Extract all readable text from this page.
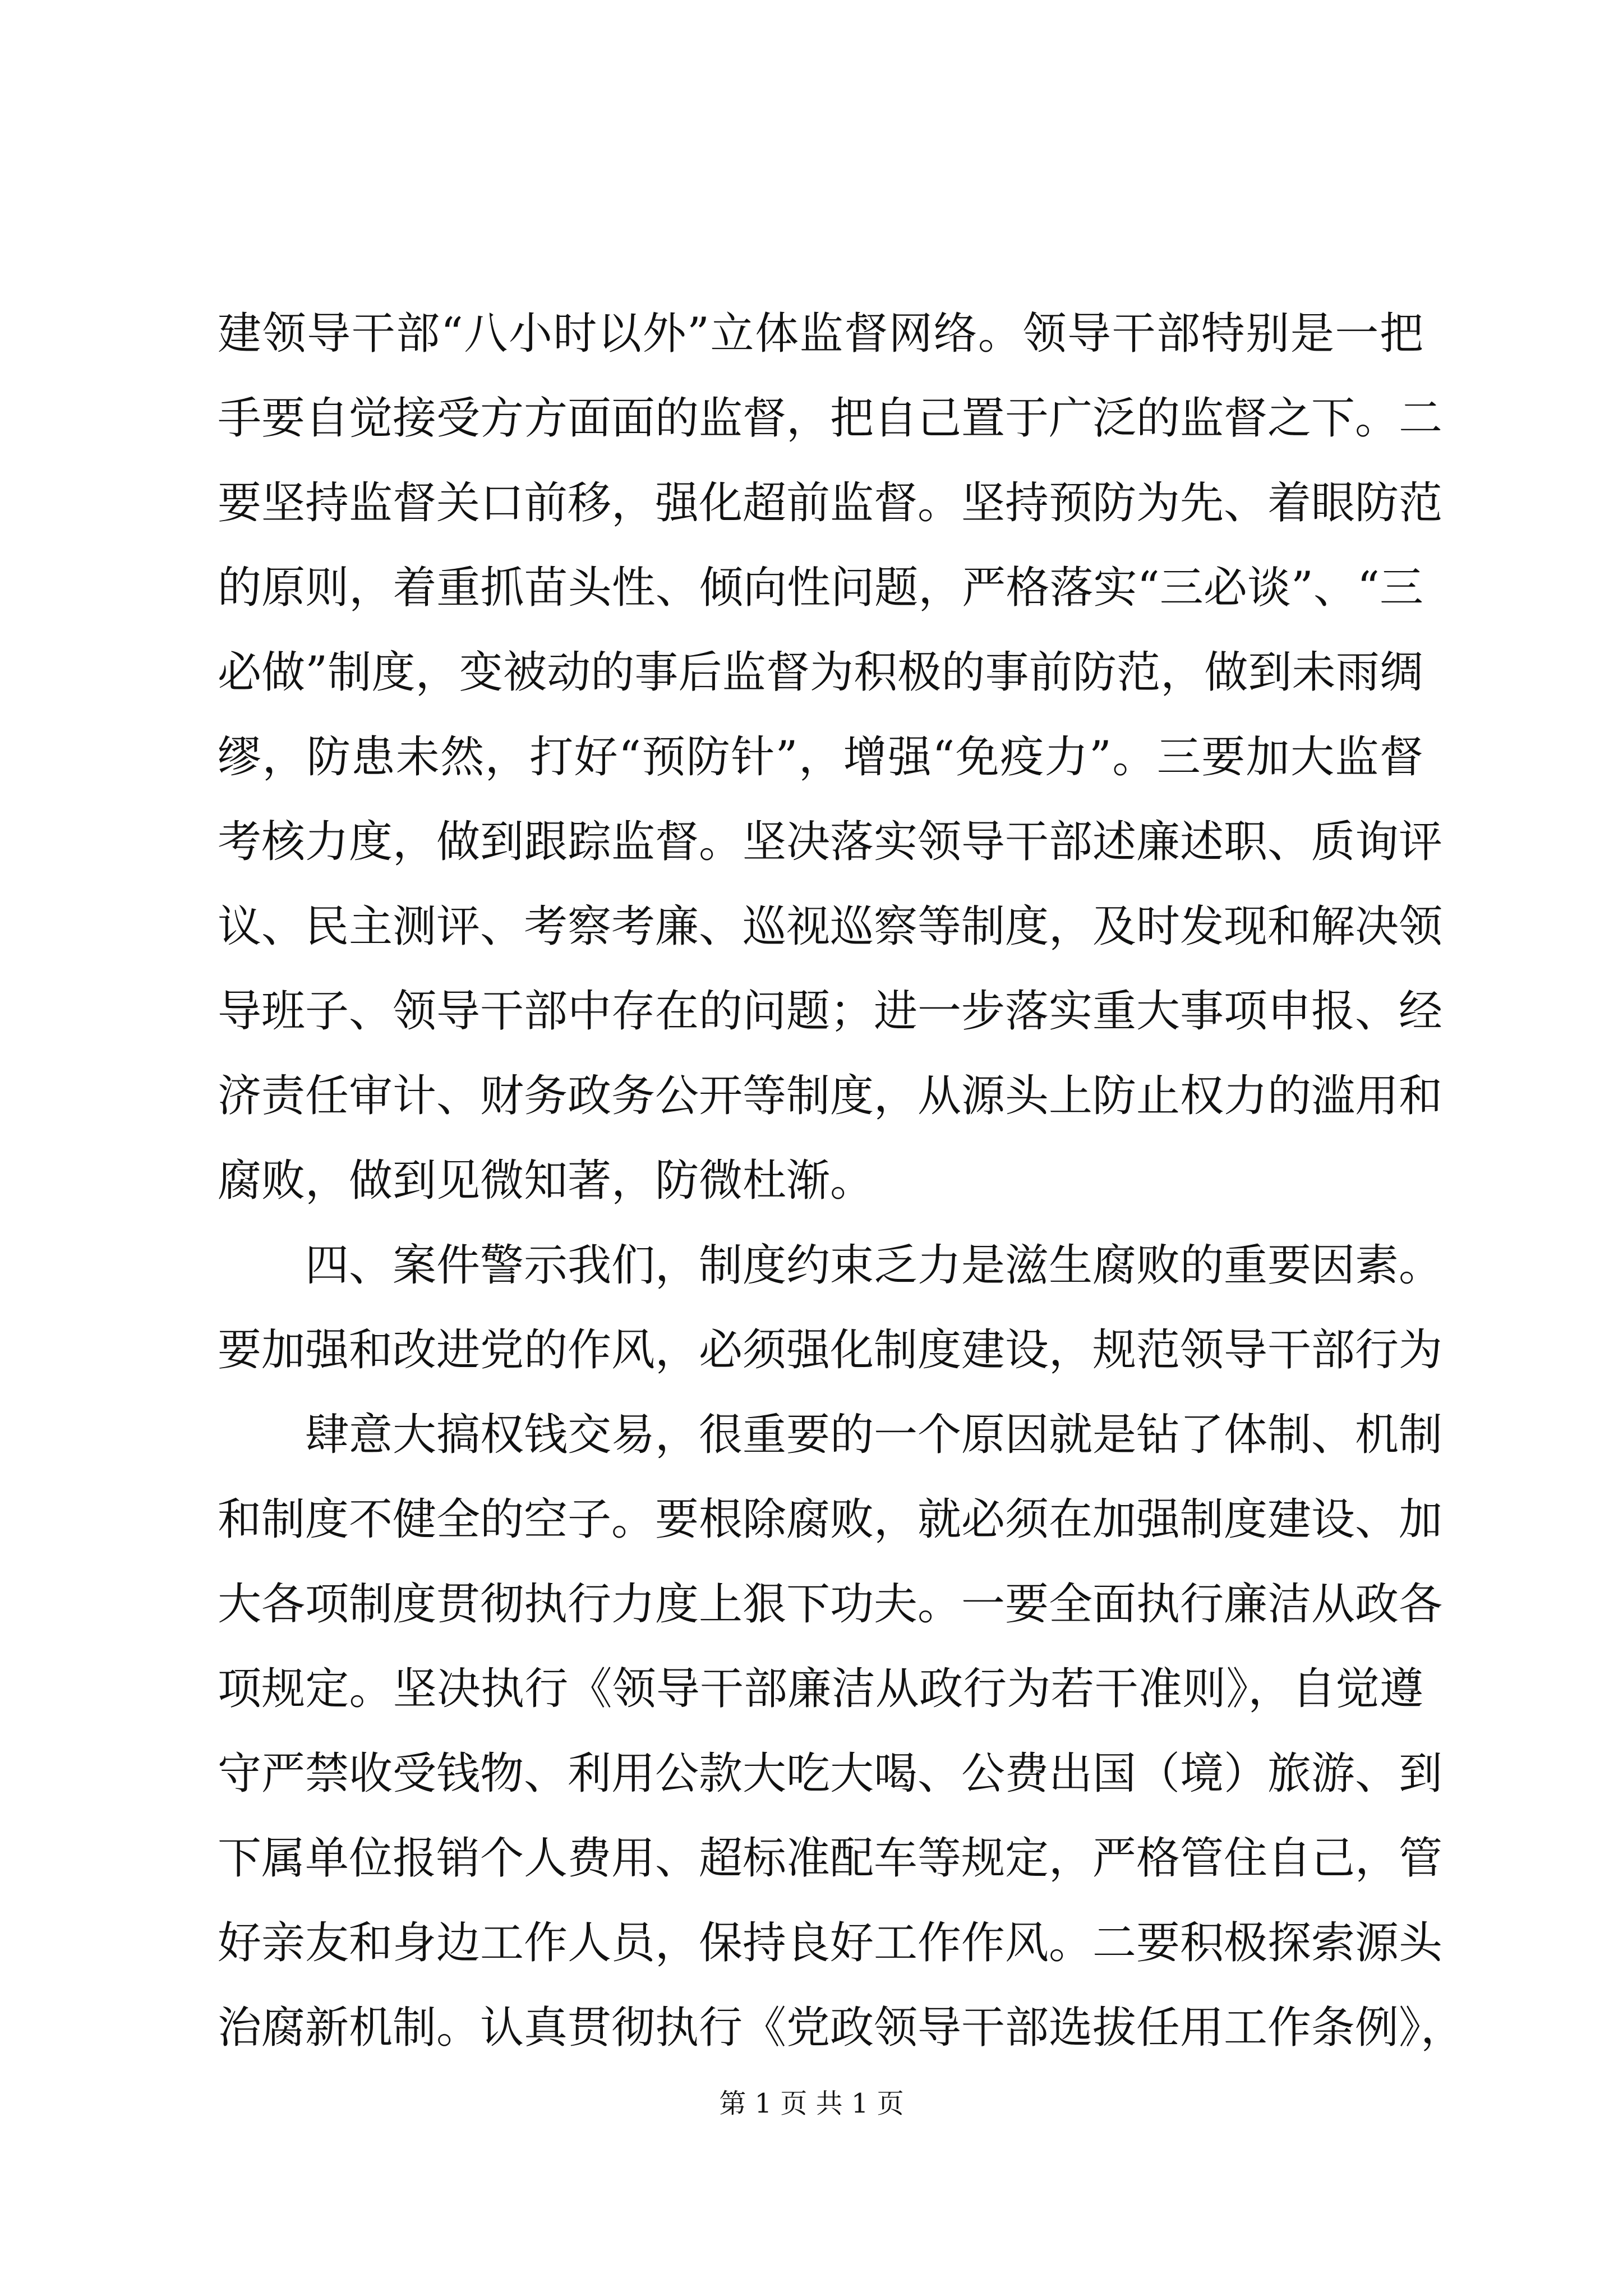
建领导干部“八小时以外”立体监督网络。领导干部特别是一把
手要自觉接受方方面面的监督，把自己置于广泛的监督之下。二
要坚持监督关口前移，强化超前监督。坚持预防为先、着眼防范
的原则，着重抓苗头性、倾向性问题，严格落实“三必谈”、“三
必做”制度，变被动的事后监督为积极的事前防范，做到未雨绸
缪，防患未然，打好“预防针”，增强“免疫力”。三要加大监督
考核力度，做到跟踪监督。坚决落实领导干部述廉述职、质询评
议、民主测评、考察考廉、巡视巡察等制度，及时发现和解决领
导班子、领导干部中存在的问题；进一步落实重大事项申报、经
济责任审计、财务政务公开等制度，从源头上防止权力的滥用和
腐败，做到见微知著，防微杜渐。
四、案件警示我们，制度约束乏力是滋生腐败的重要因素。
要加强和改进党的作风，必须强化制度建设，规范领导干部行为
肆意大搞权钱交易，很重要的一个原因就是钻了体制、机制
和制度不健全的空子。要根除腐败，就必须在加强制度建设、加
大各项制度贯彻执行力度上狠下功夫。一要全面执行廉洁从政各
项规定。坚决执行《领导干部廉洁从政行为若干准则》，自觉遵
守严禁收受钱物、利用公款大吃大喝、公费出国（境）旅游、到
下属单位报销个人费用、超标准配车等规定，严格管住自己，管
好亲友和身边工作人员，保持良好工作作风。二要积极探索源头
治腐新机制。认真贯彻执行《党政领导干部选拔任用工作条例》，
第 1 页 共 1 页
